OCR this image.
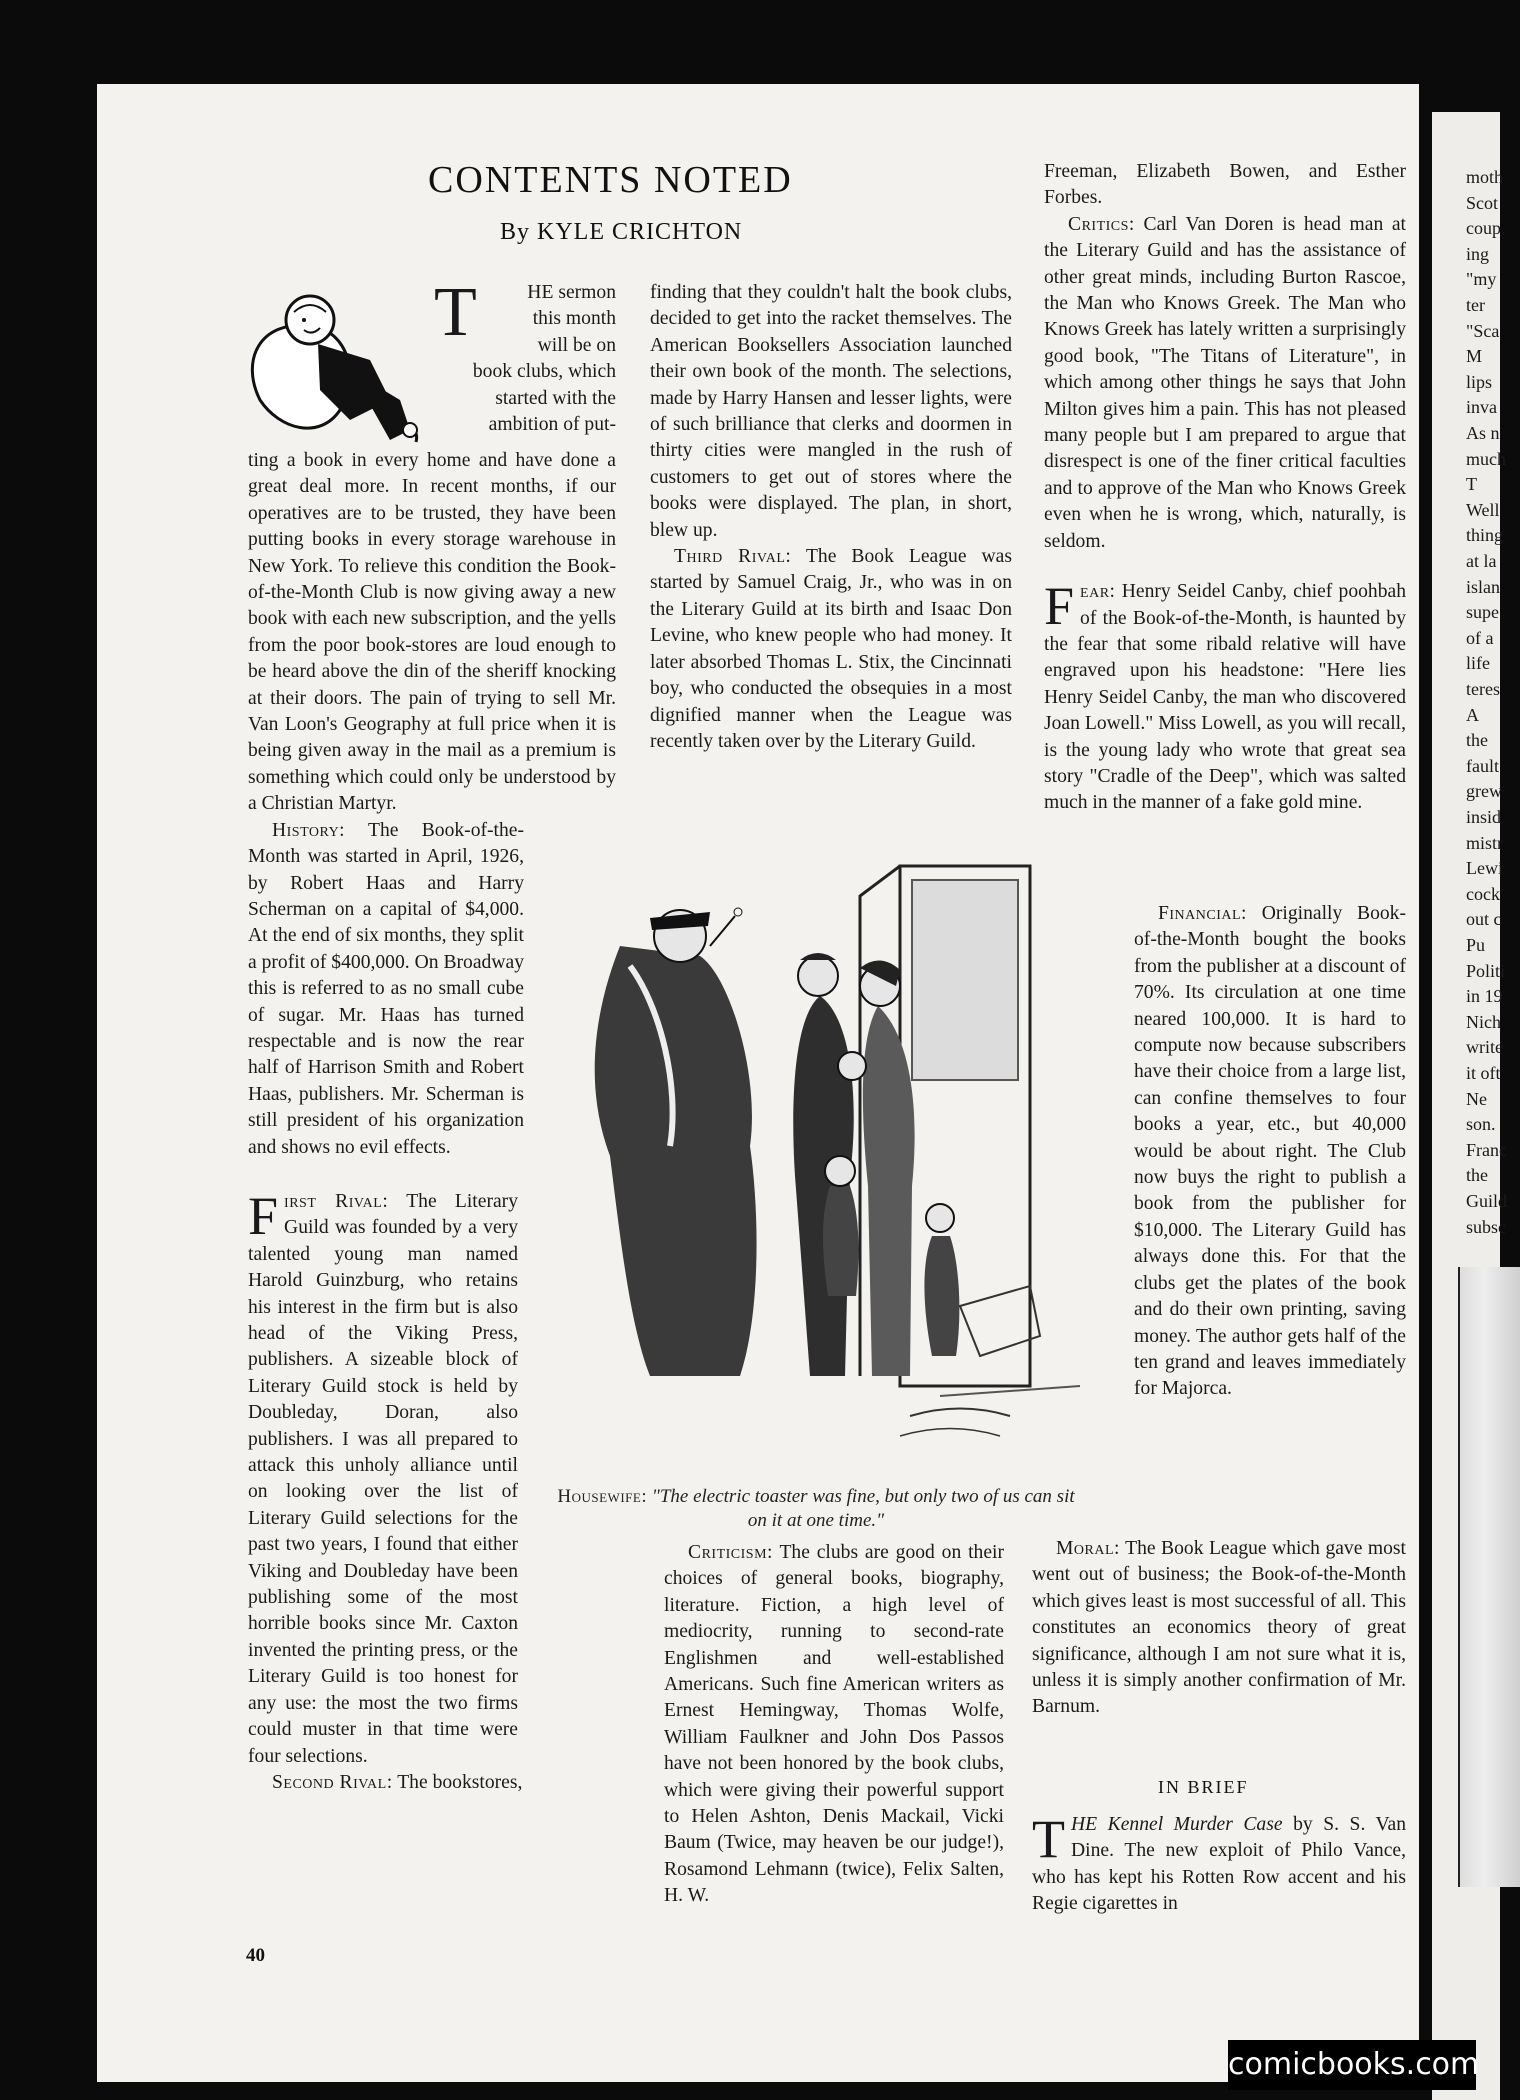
moth
Scot
coup
ing
"my
ter
"Sca
M
lips
inva
As n
much
T
Well
thing
at la
islan
supe
of a
life
teres
A
the
fault
grew
insid
mistr
Lewi
cock
out c
Pu
Politi
in 19
Nich
write
it oft
Ne
son.
Franc
the
Guild
subsc
CONTENTS NOTED
By KYLE CRICHTON
T	HE sermon
this month
will be on
book clubs, which
started with the
ambition of put-

ting a book in every home and have done a great deal more. In recent months, if our operatives are to be trusted, they have been putting books in every storage warehouse in New York. To relieve this condition the Book-of-the-Month Club is now giving away a new book with each new subscription, and the yells from the poor book-stores are loud enough to be heard above the din of the sheriff knocking at their doors. The pain of trying to sell Mr. Van Loon's Geography at full price when it is being given away in the mail as a premium is something which could only be understood by a Christian Martyr.

History: The Book-of-the-Month was started in April, 1926, by Robert Haas and Harry Scherman on a capital of $4,000. At the end of six months, they split a profit of $400,000. On Broadway this is referred to as no small cube of sugar. Mr. Haas has turned respectable and is now the rear half of Harrison Smith and Robert Haas, publishers. Mr. Scherman is still president of his organization and shows no evil effects.

First Rival: The Literary Guild was founded by a very talented young man named Harold Guinzburg, who retains his interest in the firm but is also head of the Viking Press, publishers. A sizeable block of Literary Guild stock is held by Doubleday, Doran, also publishers. I was all prepared to attack this unholy alliance until on looking over the list of Literary Guild selections for the past two years, I found that either Viking and Doubleday have been publishing some of the most horrible books since Mr. Caxton invented the printing press, or the Literary Guild is too honest for any use: the most the two firms could muster in that time were four selections.

Second Rival: The bookstores,

finding that they couldn't halt the book clubs, decided to get into the racket themselves. The American Booksellers Association launched their own book of the month. The selections, made by Harry Hansen and lesser lights, were of such brilliance that clerks and doormen in thirty cities were mangled in the rush of customers to get out of stores where the books were displayed. The plan, in short, blew up.

Third Rival: The Book League was started by Samuel Craig, Jr., who was in on the Literary Guild at its birth and Isaac Don Levine, who knew people who had money. It later absorbed Thomas L. Stix, the Cincinnati boy, who conducted the obsequies in a most dignified manner when the League was recently taken over by the Literary Guild.

Housewife: "The electric toaster was fine, but only two of us can sit on it at one time."

Criticism: The clubs are good on their choices of general books, biography, literature. Fiction, a high level of mediocrity, running to second-rate Englishmen and well-established Americans. Such fine American writers as Ernest Hemingway, Thomas Wolfe, William Faulkner and John Dos Passos have not been honored by the book clubs, which were giving their powerful support to Helen Ashton, Denis Mackail, Vicki Baum (Twice, may heaven be our judge!), Rosamond Lehmann (twice), Felix Salten, H. W.

Freeman, Elizabeth Bowen, and Esther Forbes.

Critics: Carl Van Doren is head man at the Literary Guild and has the assistance of other great minds, including Burton Rascoe, the Man who Knows Greek. The Man who Knows Greek has lately written a surprisingly good book, "The Titans of Literature", in which among other things he says that John Milton gives him a pain. This has not pleased many people but I am prepared to argue that disrespect is one of the finer critical faculties and to approve of the Man who Knows Greek even when he is wrong, which, naturally, is seldom.

Fear: Henry Seidel Canby, chief poohbah of the Book-of-the-Month, is haunted by the fear that some ribald relative will have engraved upon his headstone: "Here lies Henry Seidel Canby, the man who discovered Joan Lowell." Miss Lowell, as you will recall, is the young lady who wrote that great sea story "Cradle of the Deep", which was salted much in the manner of a fake gold mine.

Financial: Originally Book-of-the-Month bought the books from the publisher at a discount of 70%. Its circulation at one time neared 100,000. It is hard to compute now because subscribers have their choice from a large list, can confine themselves to four books a year, etc., but 40,000 would be about right. The Club now buys the right to publish a book from the publisher for $10,000. The Literary Guild has always done this. For that the clubs get the plates of the book and do their own printing, saving money. The author gets half of the ten grand and leaves immediately for Majorca.

Moral: The Book League which gave most went out of business; the Book-of-the-Month which gives least is most successful of all. This constitutes an economics theory of great significance, although I am not sure what it is, unless it is simply another confirmation of Mr. Barnum.

IN BRIEF

THE Kennel Murder Case by S. S. Van Dine. The new exploit of Philo Vance, who has kept his Rotten Row accent and his Regie cigarettes in

40
comicbooks.com
